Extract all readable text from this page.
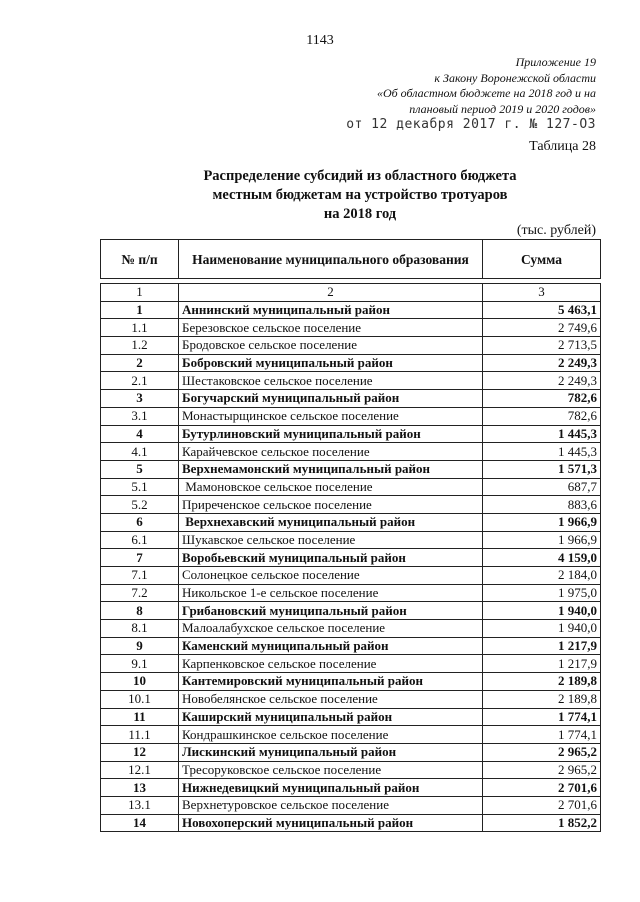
1143
Приложение 19
к Закону Воронежской области
«Об областном бюджете на 2018 год и на
плановый период 2019 и 2020 годов»
от 12 декабря 2017 г. № 127-ОЗ
Таблица 28
Распределение субсидий из областного бюджета
местным бюджетам на устройство тротуаров
на 2018 год
(тыс. рублей)
№ п/п	Наименование муниципального образования	Сумма
1	2	3
1	Аннинский муниципальный район	5 463,1
1.1	Березовское сельское поселение	2 749,6
1.2	Бродовское сельское поселение	2 713,5
2	Бобровский муниципальный район	2 249,3
2.1	Шестаковское сельское поселение	2 249,3
3	Богучарский муниципальный район	782,6
3.1	Монастырщинское сельское поселение	782,6
4	Бутурлиновский муниципальный район	1 445,3
4.1	Карайчевское сельское поселение	1 445,3
5	Верхнемамонский муниципальный район	1 571,3
5.1	Мамоновское сельское поселение	687,7
5.2	Приреченское сельское поселение	883,6
6	Верхнехавский муниципальный район	1 966,9
6.1	Шукавское сельское поселение	1 966,9
7	Воробьевский муниципальный район	4 159,0
7.1	Солонецкое сельское поселение	2 184,0
7.2	Никольское 1-е сельское поселение	1 975,0
8	Грибановский муниципальный район	1 940,0
8.1	Малоалабухское сельское поселение	1 940,0
9	Каменский муниципальный район	1 217,9
9.1	Карпенковское сельское поселение	1 217,9
10	Кантемировский муниципальный район	2 189,8
10.1	Новобелянское сельское поселение	2 189,8
11	Каширский муниципальный район	1 774,1
11.1	Кондрашкинское сельское поселение	1 774,1
12	Лискинский муниципальный район	2 965,2
12.1	Тресоруковское сельское поселение	2 965,2
13	Нижнедевицкий муниципальный район	2 701,6
13.1	Верхнетуровское сельское поселение	2 701,6
14	Новохоперский муниципальный район	1 852,2
